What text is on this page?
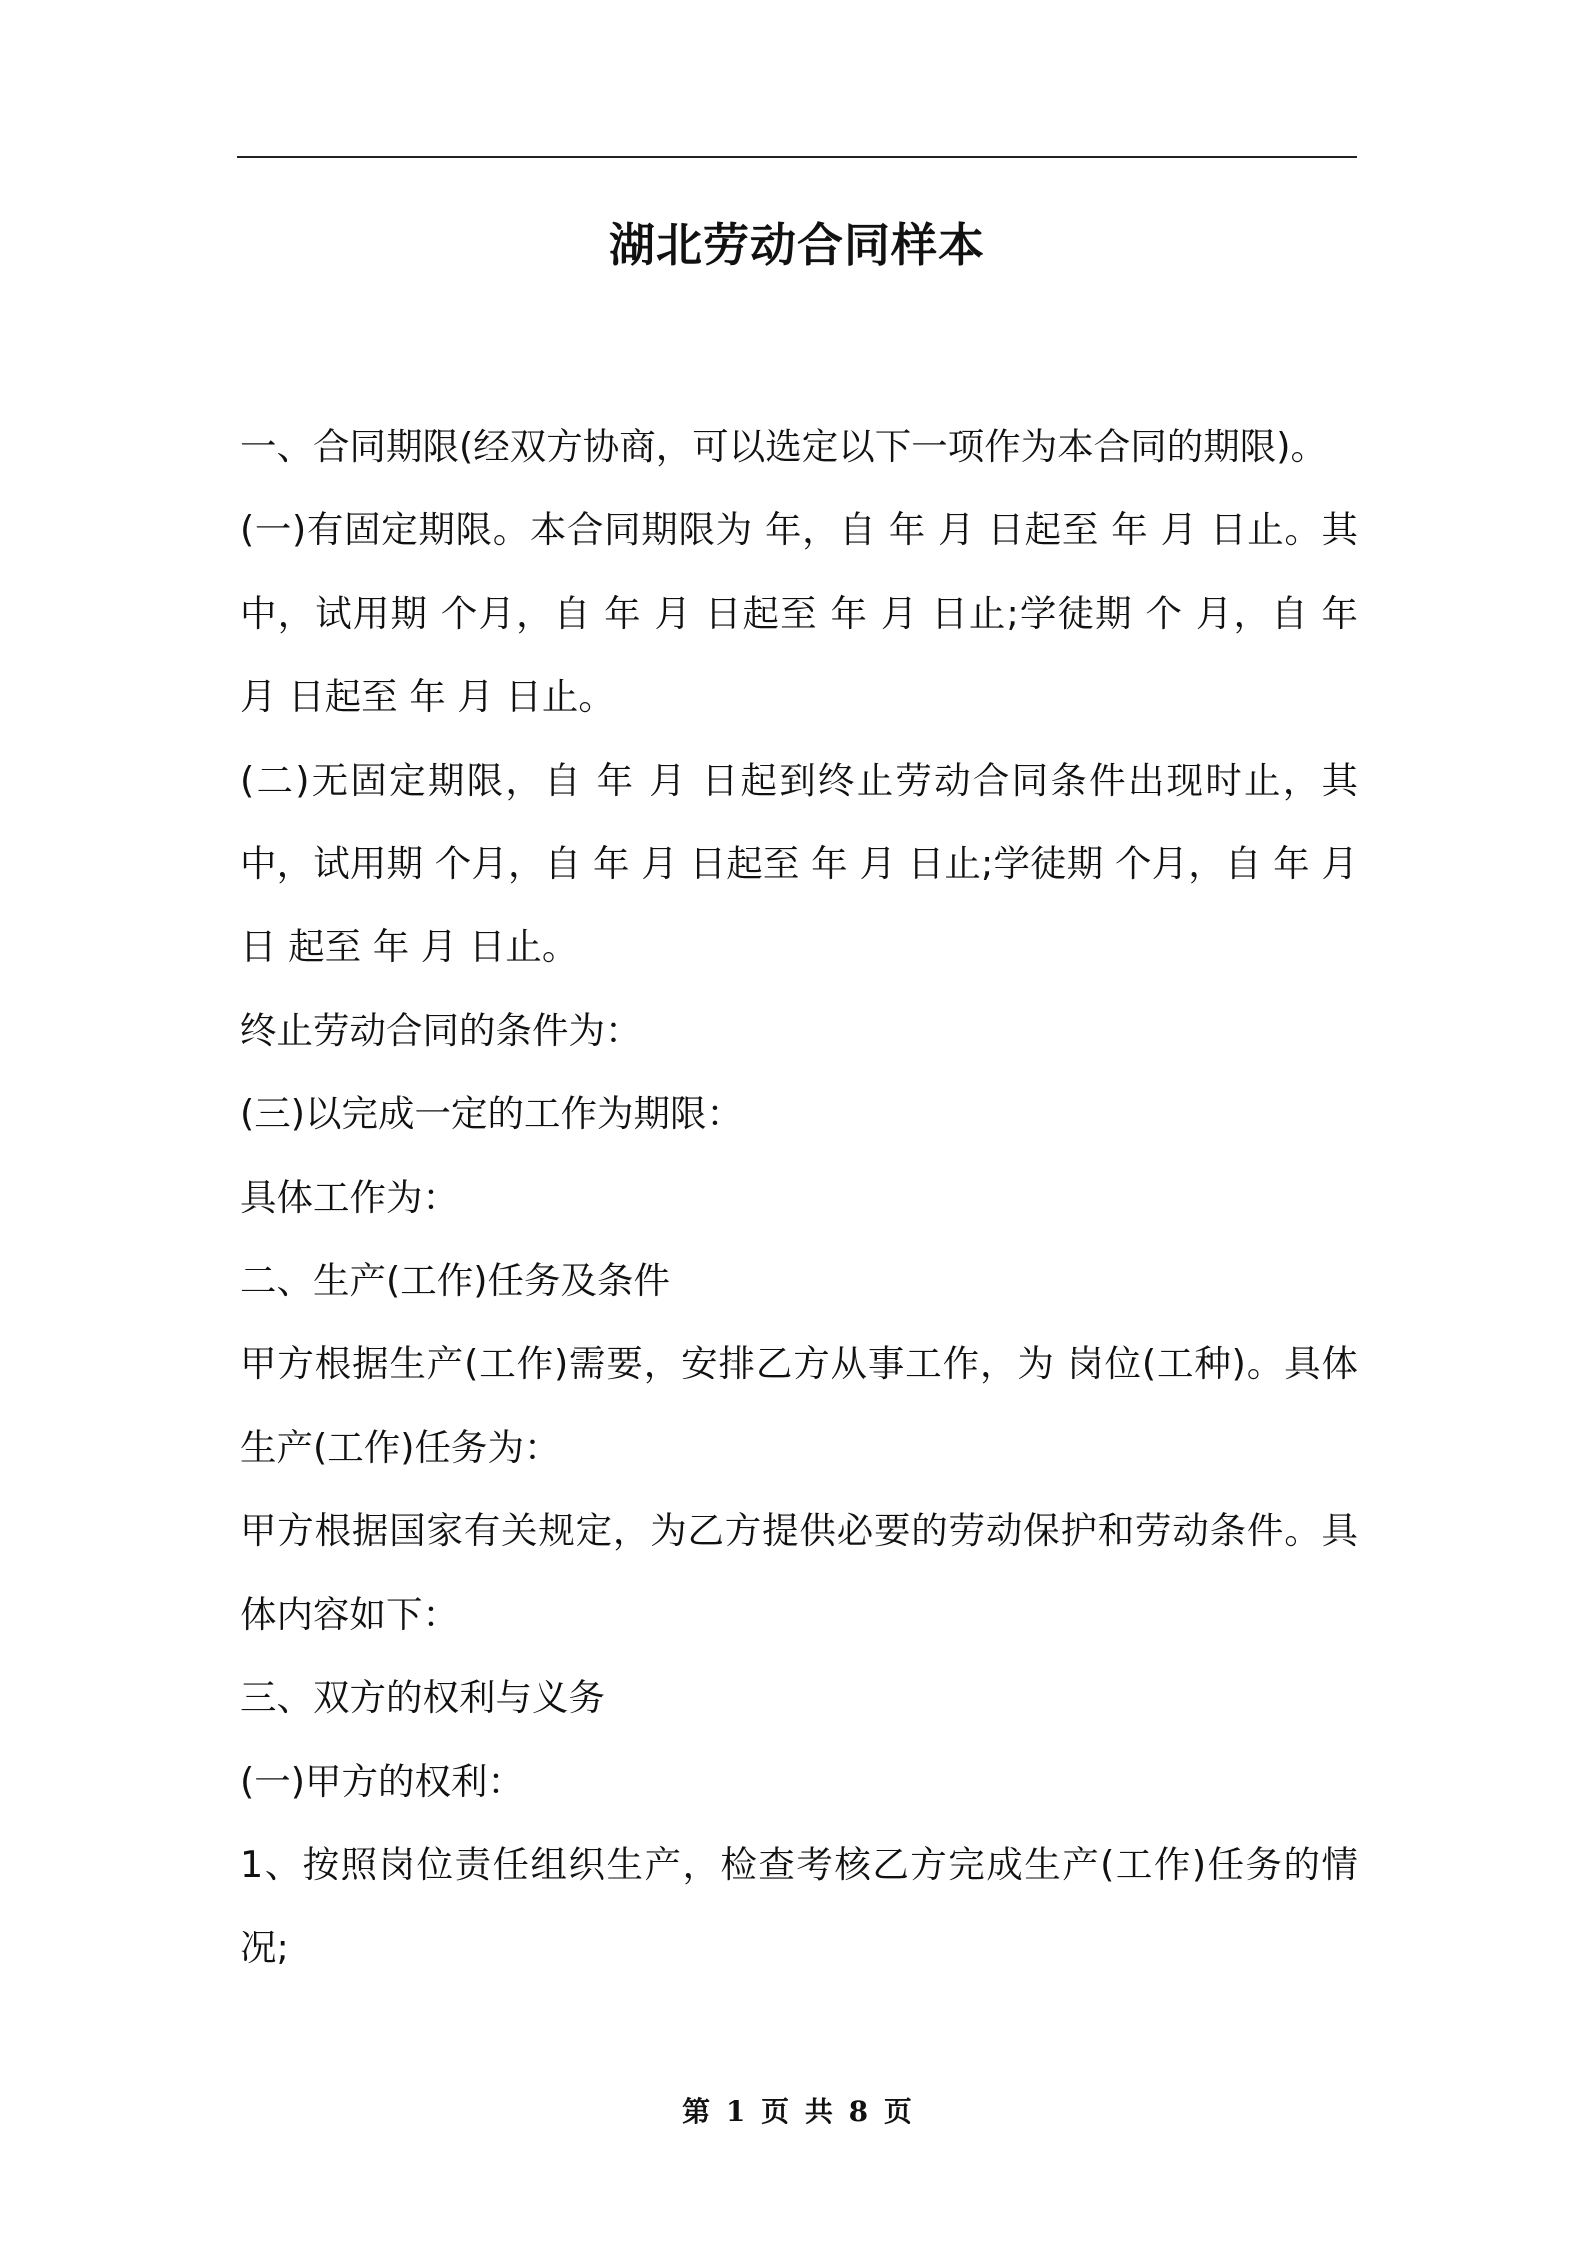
湖北劳动合同样本

一、合同期限(经双方协商，可以选定以下一项作为本合同的期限)。

(一)有固定期限。本合同期限为 年，自 年 月 日起至 年 月 日止。其中，试用期 个月，自 年 月 日起至 年 月 日止;学徒期 个 月，自 年 月 日起至 年 月 日止。

(二)无固定期限，自 年 月 日起到终止劳动合同条件出现时止，其中，试用期 个月，自 年 月 日起至 年 月 日止;学徒期 个月，自 年 月 日 起至 年 月 日止。

终止劳动合同的条件为：

(三)以完成一定的工作为期限：

具体工作为：

二、生产(工作)任务及条件

甲方根据生产(工作)需要，安排乙方从事工作，为 岗位(工种)。具体生产(工作)任务为：

甲方根据国家有关规定，为乙方提供必要的劳动保护和劳动条件。具体内容如下：

三、双方的权利与义务

(一)甲方的权利：

1、按照岗位责任组织生产，检查考核乙方完成生产(工作)任务的情况;

第 1 页 共 8 页
